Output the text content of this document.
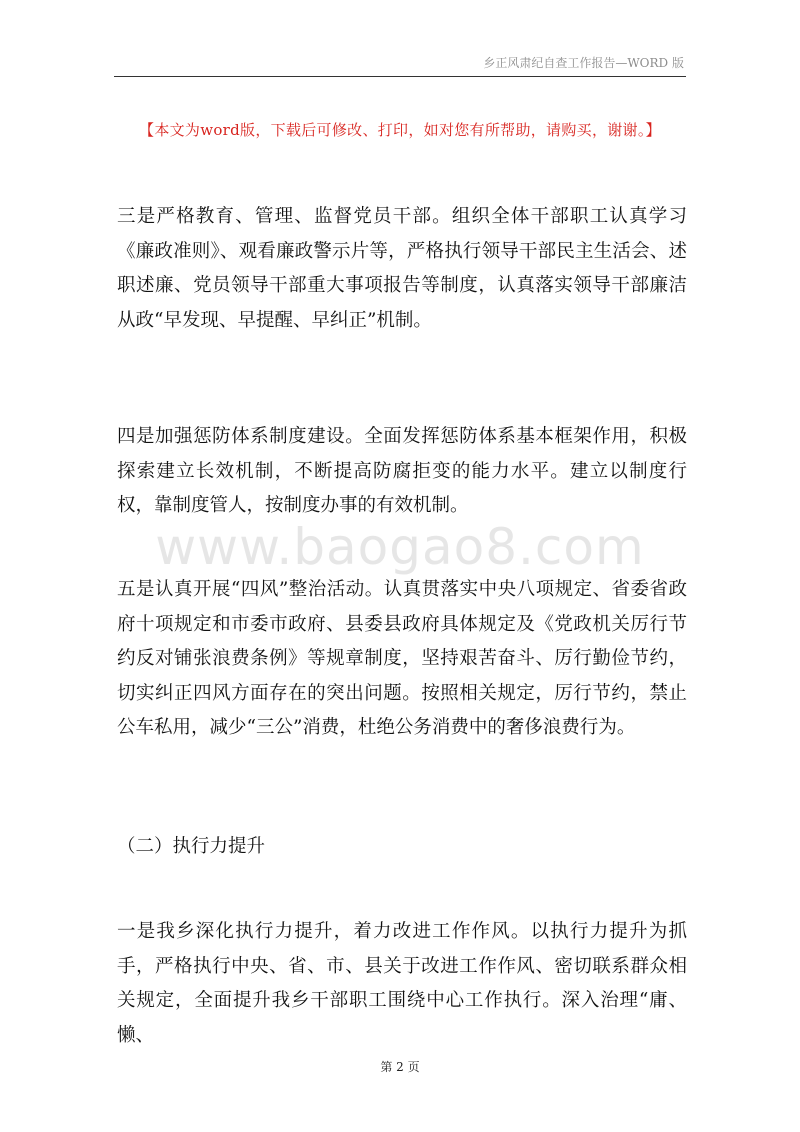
乡正风肃纪自查工作报告—WORD 版
【本文为word版，下载后可修改、打印，如对您有所帮助，请购买，谢谢。】
www.baogao8.com

三是严格教育、管理、监督党员干部。组织全体干部职工认真学习《廉政准则》、观看廉政警示片等，严格执行领导干部民主生活会、述职述廉、党员领导干部重大事项报告等制度，认真落实领导干部廉洁从政“早发现、早提醒、早纠正”机制。

四是加强惩防体系制度建设。全面发挥惩防体系基本框架作用，积极探索建立长效机制，不断提高防腐拒变的能力水平。建立以制度行权，靠制度管人，按制度办事的有效机制。

五是认真开展“四风”整治活动。认真贯落实中央八项规定、省委省政府十项规定和市委市政府、县委县政府具体规定及《党政机关厉行节约反对铺张浪费条例》等规章制度，坚持艰苦奋斗、厉行勤俭节约，切实纠正四风方面存在的突出问题。按照相关规定，厉行节约，禁止公车私用，减少“三公”消费，杜绝公务消费中的奢侈浪费行为。

（二）执行力提升

一是我乡深化执行力提升，着力改进工作作风。以执行力提升为抓手，严格执行中央、省、市、县关于改进工作作风、密切联系群众相关规定，全面提升我乡干部职工围绕中心工作执行。深入治理“庸、懒、

第 2 页
